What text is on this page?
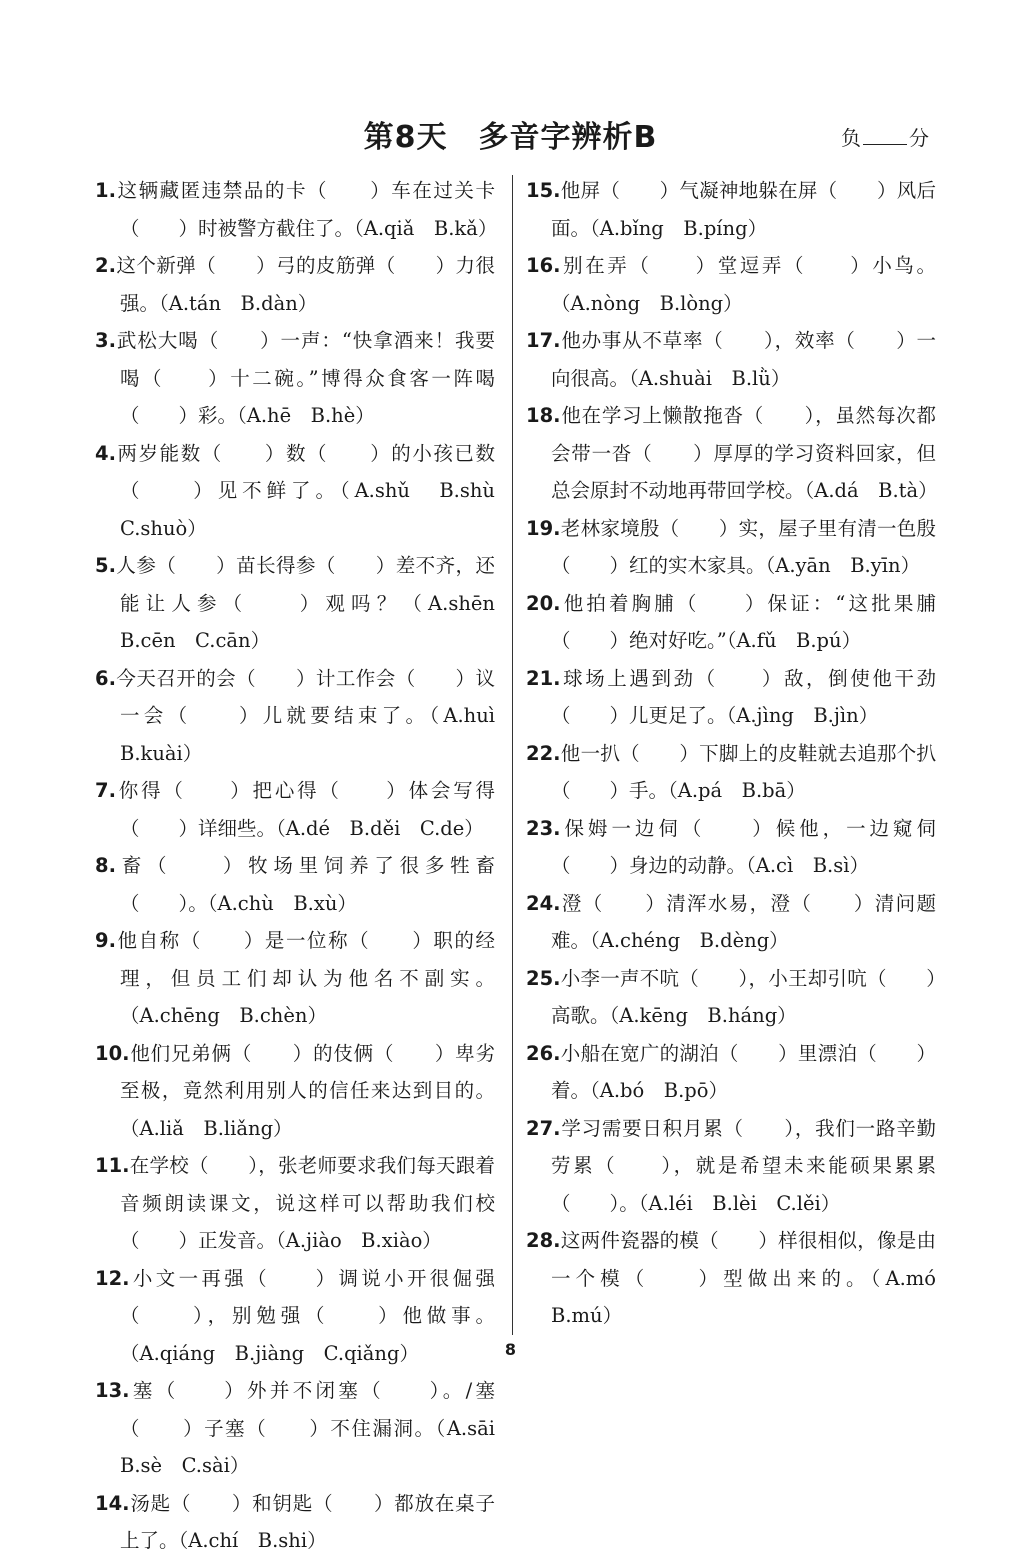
第8天　多音字辨析B	负 分

1.这辆藏匿违禁品的卡（　　）车在过关卡（　　）时被警方截住了。（A.qiǎ　B.kǎ）

2.这个新弹（　　）弓的皮筋弹（　　）力很强。（A.tán　B.dàn）

3.武松大喝（　　）一声：“快拿酒来！我要喝（　　）十二碗。”博得众食客一阵喝（　　）彩。（A.hē　B.hè）

4.两岁能数（　　）数（　　）的小孩已数（　　）见不鲜了。（A.shǔ　B.shù　C.shuò）

5.人参（　　）苗长得参（　　）差不齐，还能让人参（　　）观吗？（A.shēn　B.cēn　C.cān）

6.今天召开的会（　　）计工作会（　　）议一会（　　）儿就要结束了。（A.huì　B.kuài）

7.你得（　　）把心得（　　）体会写得（　　）详细些。（A.dé　B.děi　C.de）

8.畜（　　）牧场里饲养了很多牲畜（　　）。（A.chù　B.xù）

9.他自称（　　）是一位称（　　）职的经理，但员工们却认为他名不副实。（A.chēng　B.chèn）

10.他们兄弟俩（　　）的伎俩（　　）卑劣至极，竟然利用别人的信任来达到目的。（A.liǎ　B.liǎng）

11.在学校（　　），张老师要求我们每天跟着音频朗读课文，说这样可以帮助我们校（　　）正发音。（A.jiào　B.xiào）

12.小文一再强（　　）调说小开很倔强（　　），别勉强（　　）他做事。（A.qiáng　B.jiàng　C.qiǎng）

13.塞（　　）外并不闭塞（　　）。/塞（　　）子塞（　　）不住漏洞。（A.sāi　B.sè　C.sài）

14.汤匙（　　）和钥匙（　　）都放在桌子上了。（A.chí　B.shi）

15.他屏（　　）气凝神地躲在屏（　　）风后面。（A.bǐng　B.píng）

16.别在弄（　　）堂逗弄（　　）小鸟。（A.nòng　B.lòng）

17.他办事从不草率（　　），效率（　　）一向很高。（A.shuài　B.lǜ）

18.他在学习上懒散拖沓（　　），虽然每次都会带一沓（　　）厚厚的学习资料回家，但总会原封不动地再带回学校。（A.dá　B.tà）

19.老林家境殷（　　）实，屋子里有清一色殷（　　）红的实木家具。（A.yān　B.yīn）

20.他拍着胸脯（　　）保证：“这批果脯（　　）绝对好吃。”（A.fǔ　B.pú）

21.球场上遇到劲（　　）敌，倒使他干劲（　　）儿更足了。（A.jìng　B.jìn）

22.他一扒（　　）下脚上的皮鞋就去追那个扒（　　）手。（A.pá　B.bā）

23.保姆一边伺（　　）候他，一边窥伺（　　）身边的动静。（A.cì　B.sì）

24.澄（　　）清浑水易，澄（　　）清问题难。（A.chéng　B.dèng）

25.小李一声不吭（　　），小王却引吭（　　）高歌。（A.kēng　B.háng）

26.小船在宽广的湖泊（　　）里漂泊（　　）着。（A.bó　B.pō）

27.学习需要日积月累（　　），我们一路辛勤劳累（　　），就是希望未来能硕果累累（　　）。（A.léi　B.lèi　C.lěi）

28.这两件瓷器的模（　　）样很相似，像是由一个模（　　）型做出来的。（A.mó　B.mú）

8
